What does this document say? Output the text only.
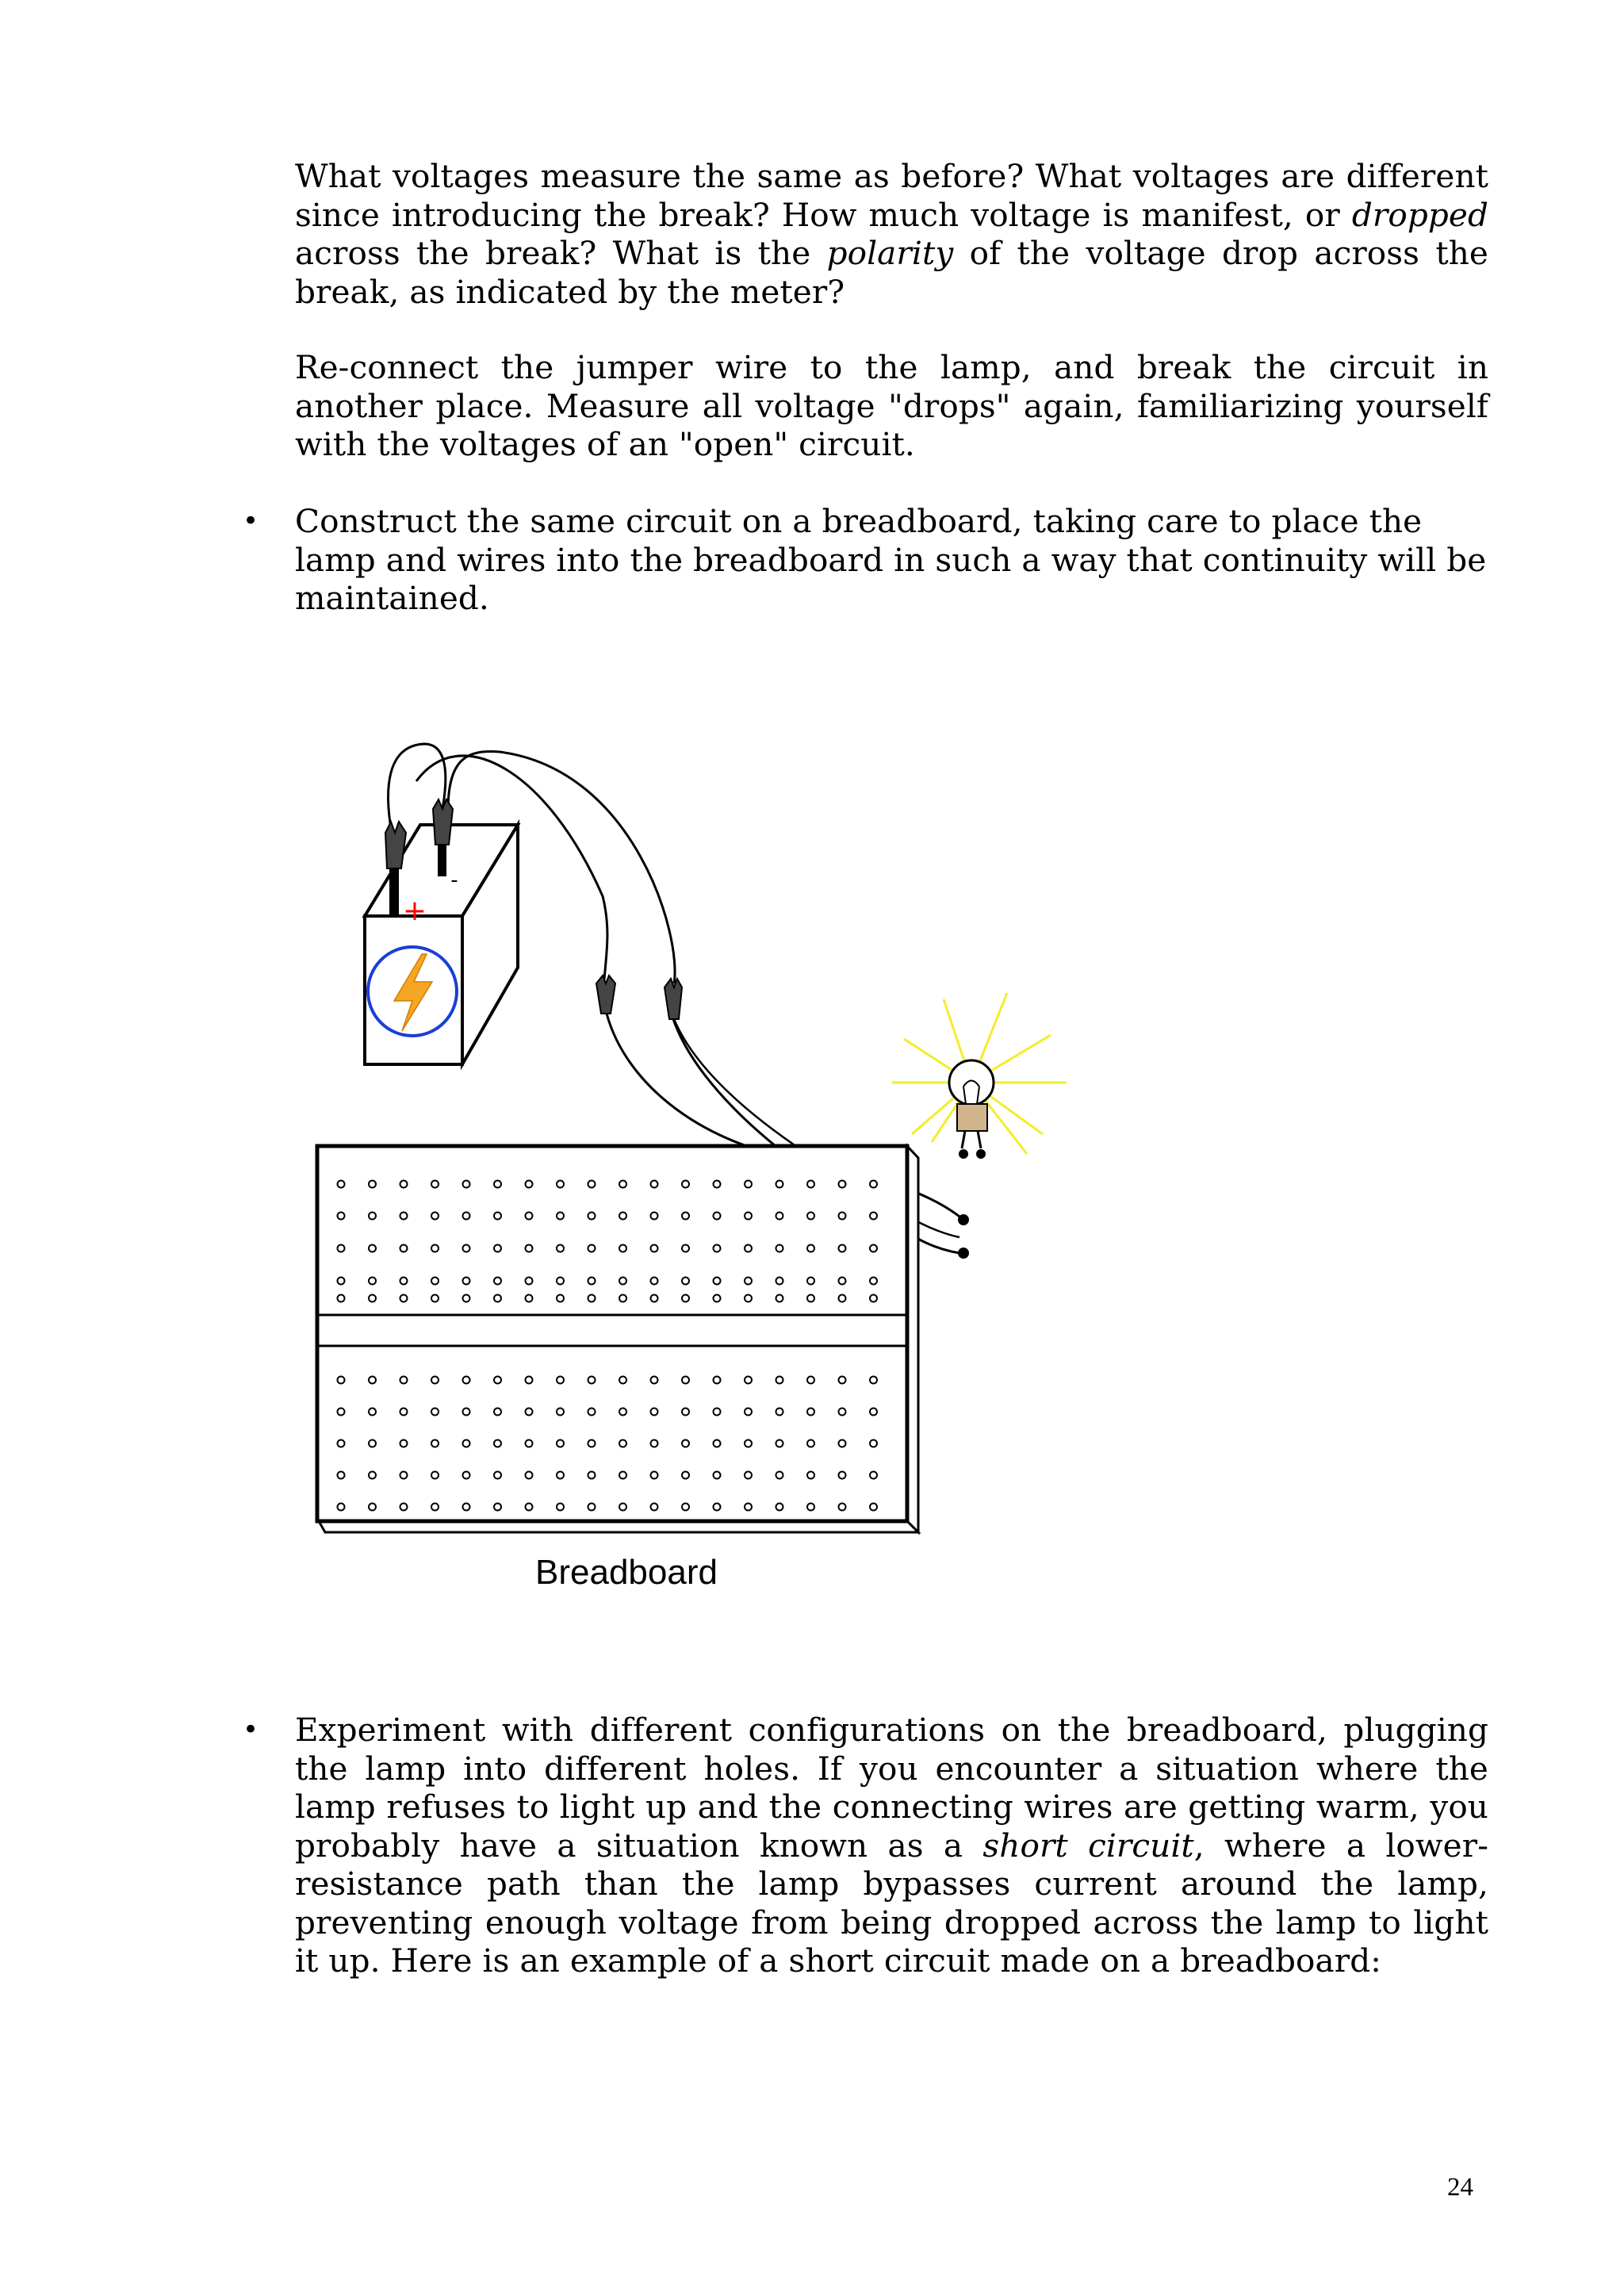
What voltages measure the same as before? What voltages are different since introducing the break? How much voltage is manifest, or dropped across the break? What is the polarity of the voltage drop across the break, as indicated by the meter?
Re-connect the jumper wire to the lamp, and break the circuit in another place. Measure all voltage "drops" again, familiarizing yourself with the voltages of an "open" circuit.
• Construct the same circuit on a breadboard, taking care to place the lamp and wires into the breadboard in such a way that continuity will be maintained.
+
-
Breadboard
• Experiment with different configurations on the breadboard, plugging the lamp into different holes. If you encounter a situation where the lamp refuses to light up and the connecting wires are getting warm, you probably have a situation known as a short circuit, where a lower-resistance path than the lamp bypasses current around the lamp, preventing enough voltage from being dropped across the lamp to light it up. Here is an example of a short circuit made on a breadboard:
24
